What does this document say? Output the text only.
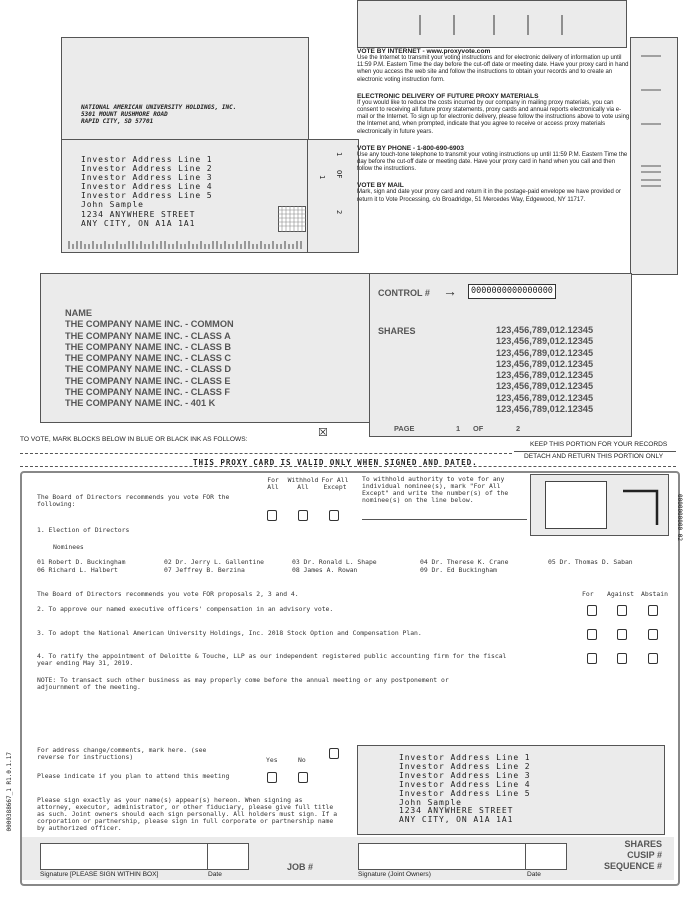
NATIONAL AMERICAN UNIVERSITY HOLDINGS, INC.
5301 MOUNT RUSHMORE ROAD
RAPID CITY, SD 57701
Investor Address Line 1
Investor Address Line 2
Investor Address Line 3
Investor Address Line 4
Investor Address Line 5
John Sample
1234 ANYWHERE STREET
ANY CITY, ON A1A 1A1
1
OF
1
2
VOTE BY INTERNET - www.proxyvote.com
Use the Internet to transmit your voting instructions and for electronic delivery of information up until 11:59 P.M. Eastern Time the day before the cut-off date or meeting date. Have your proxy card in hand when you access the web site and follow the instructions to obtain your records and to create an electronic voting instruction form.
ELECTRONIC DELIVERY OF FUTURE PROXY MATERIALS
If you would like to reduce the costs incurred by our company in mailing proxy materials, you can consent to receiving all future proxy statements, proxy cards and annual reports electronically via e-mail or the Internet. To sign up for electronic delivery, please follow the instructions above to vote using the Internet and, when prompted, indicate that you agree to receive or access proxy materials electronically in future years.
VOTE BY PHONE - 1-800-690-6903
Use any touch-tone telephone to transmit your voting instructions up until 11:59 P.M. Eastern Time the day before the cut-off date or meeting date. Have your proxy card in hand when you call and then follow the instructions.
VOTE BY MAIL
Mark, sign and date your proxy card and return it in the postage-paid envelope we have provided or return it to Vote Processing, c/o Broadridge, 51 Mercedes Way, Edgewood, NY 11717.
NAME
THE COMPANY NAME INC. - COMMON
THE COMPANY NAME INC. - CLASS A
THE COMPANY NAME INC. - CLASS B
THE COMPANY NAME INC. - CLASS C
THE COMPANY NAME INC. - CLASS D
THE COMPANY NAME INC. - CLASS E
THE COMPANY NAME INC. - CLASS F
THE COMPANY NAME INC. - 401 K
CONTROL # →	0000000000000000
SHARES	123,456,789,012.12345
123,456,789,012.12345
123,456,789,012.12345
123,456,789,012.12345
123,456,789,012.12345
123,456,789,012.12345
123,456,789,012.12345
123,456,789,012.12345
PAGE	1 OF	2
TO VOTE, MARK BLOCKS BELOW IN BLUE OR BLACK INK AS FOLLOWS:
☒
KEEP THIS PORTION FOR YOUR RECORDS
DETACH AND RETURN THIS PORTION ONLY
THIS PROXY CARD IS VALID ONLY WHEN SIGNED AND DATED.
The Board of Directors recommends you vote FOR the following:
For All
Withhold All
For All Except
To withhold authority to vote for any individual nominee(s), mark "For All Except" and write the number(s) of the nominee(s) on the line below.
1. Election of Directors
Nominees
01 Robert D. Buckingham	02 Dr. Jerry L. Gallentine	03 Dr. Ronald L. Shape	04 Dr. Therese K. Crane	05 Dr. Thomas D. Saban
06 Richard L. Halbert	07 Jeffrey B. Berzina	08 James A. Rowan	09 Dr. Ed Buckingham
The Board of Directors recommends you vote FOR proposals 2, 3 and 4.	For Against Abstain
2. To approve our named executive officers' compensation in an advisory vote.
3. To adopt the National American University Holdings, Inc. 2018 Stock Option and Compensation Plan.
4. To ratify the appointment of Deloitte & Touche, LLP as our independent registered public accounting firm for the fiscal year ending May 31, 2019.
NOTE: To transact such other business as may properly come before the annual meeting or any postponement or adjournment of the meeting.
For address change/comments, mark here. (see reverse for instructions)	Yes	No
Please indicate if you plan to attend this meeting
Please sign exactly as your name(s) appear(s) hereon. When signing as attorney, executor, administrator, or other fiduciary, please give full title as such. Joint owners should each sign personally. All holders must sign. If a corporation or partnership, please sign in full corporate or partnership name by authorized officer.
Investor Address Line 1
Investor Address Line 2
Investor Address Line 3
Investor Address Line 4
Investor Address Line 5
John Sample
1234 ANYWHERE STREET
ANY CITY, ON A1A 1A1
Signature [PLEASE SIGN WITHIN BOX]	Date
JOB #
Signature (Joint Owners)	Date
SHARES
CUSIP #
SEQUENCE #
0000388667_1 R1.0.1.17
0000000000 02
